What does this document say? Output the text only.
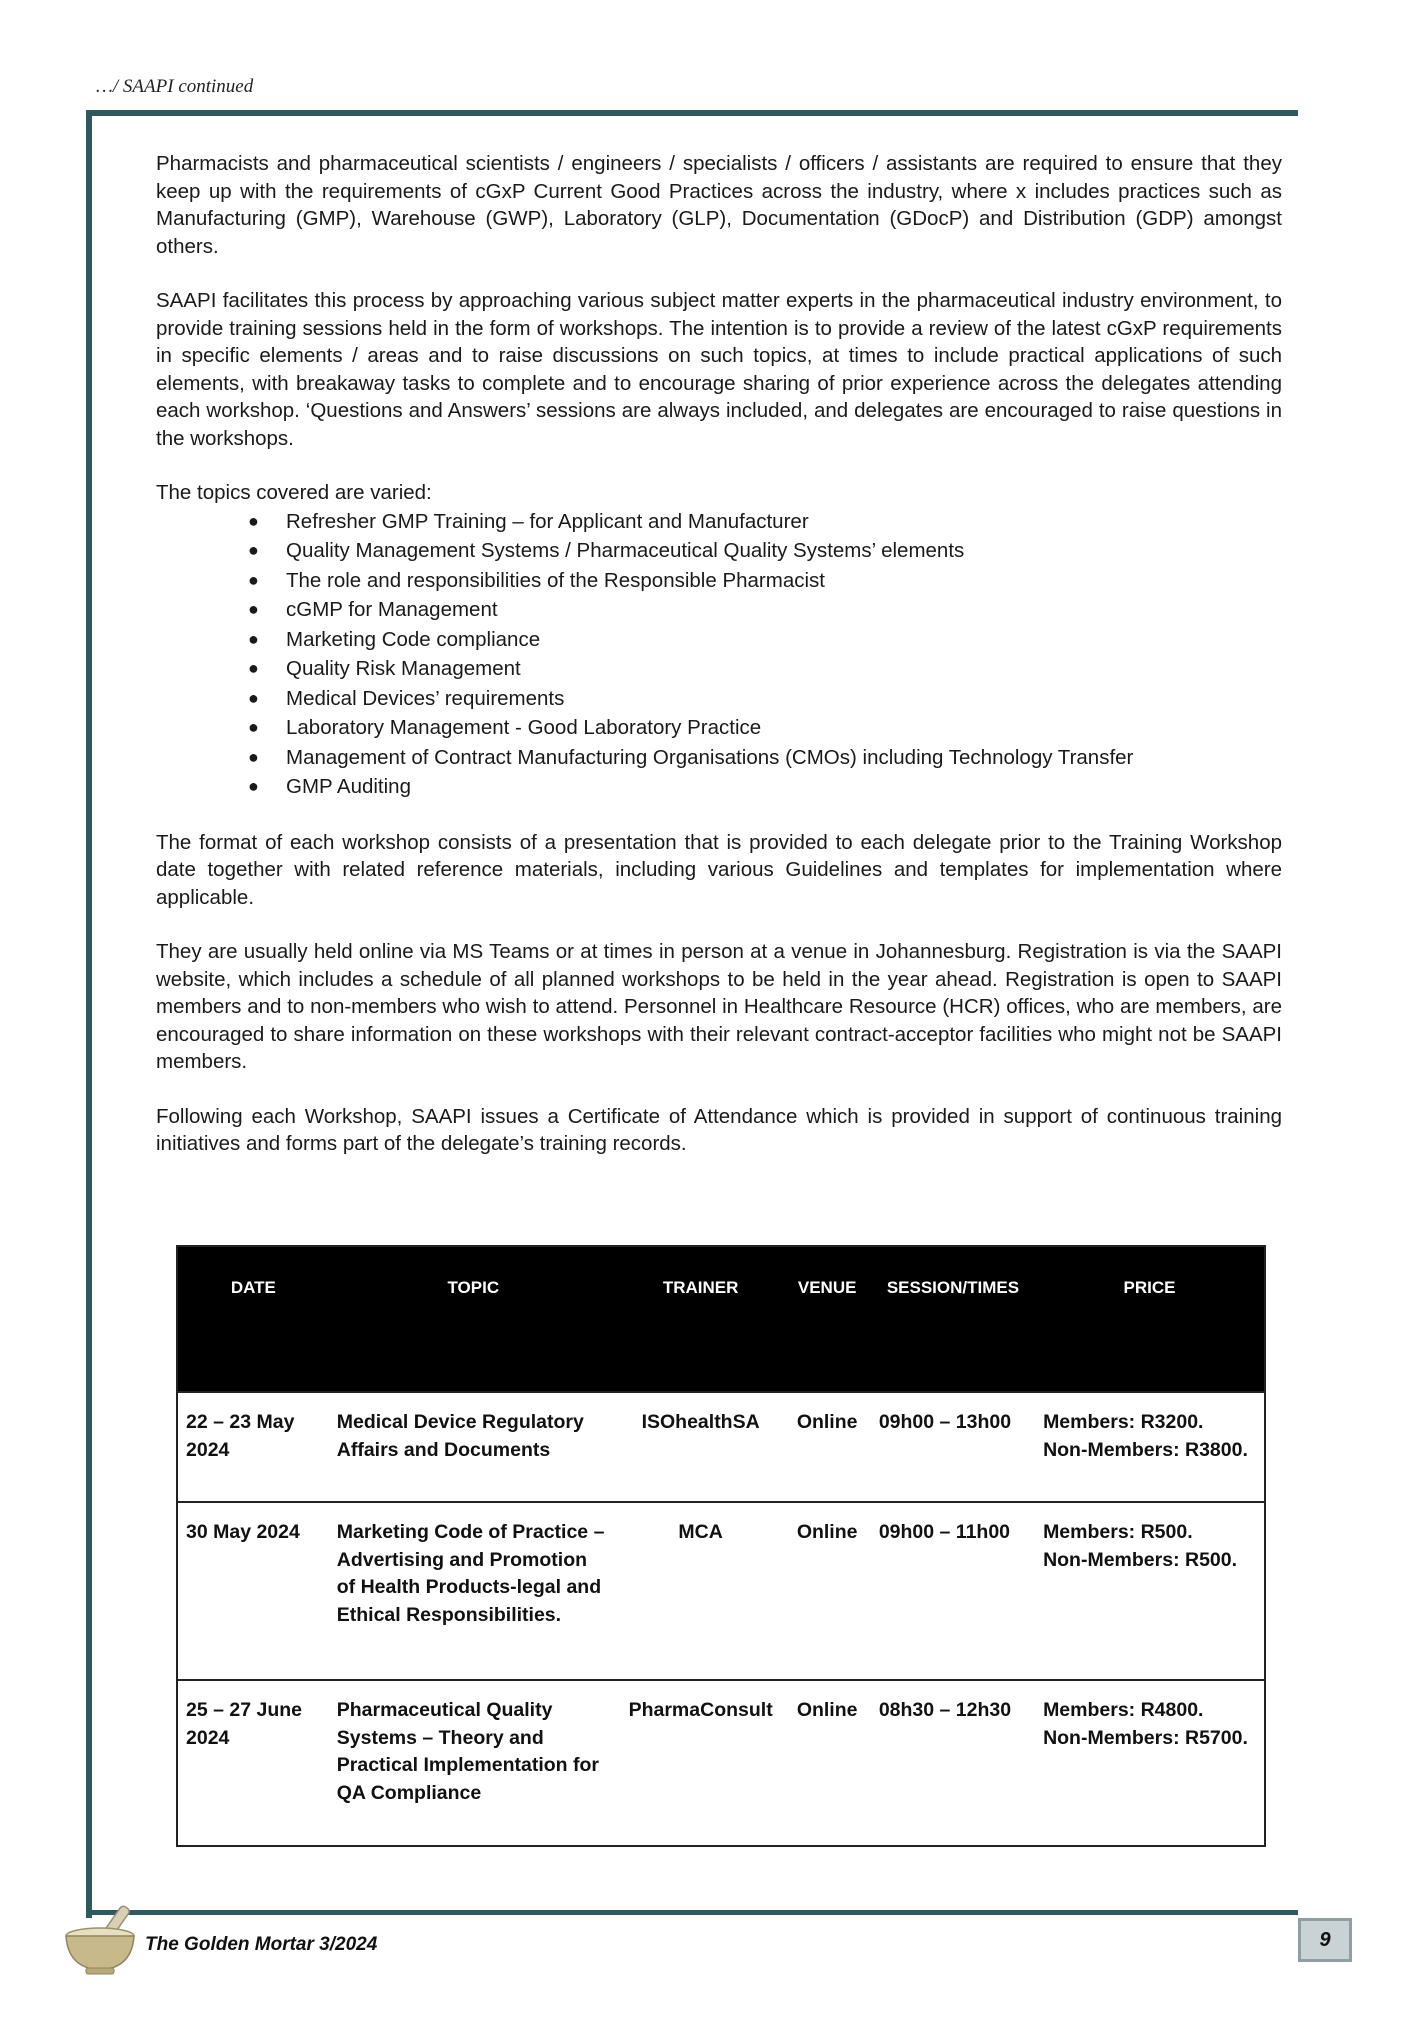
…/ SAAPI continued

Pharmacists and pharmaceutical scientists / engineers / specialists / officers / assistants are required to ensure that they keep up with the requirements of cGxP Current Good Practices across the industry, where x includes practices such as Manufacturing (GMP), Warehouse (GWP), Laboratory (GLP), Documentation (GDocP) and Distribution (GDP) amongst others.

SAAPI facilitates this process by approaching various subject matter experts in the pharmaceutical industry environment, to provide training sessions held in the form of workshops. The intention is to provide a review of the latest cGxP requirements in specific elements / areas and to raise discussions on such topics, at times to include practical applications of such elements, with breakaway tasks to complete and to encourage sharing of prior experience across the delegates attending each workshop. ‘Questions and Answers’ sessions are always included, and delegates are encouraged to raise questions in the workshops.

The topics covered are varied:

● Refresher GMP Training – for Applicant and Manufacturer
● Quality Management Systems / Pharmaceutical Quality Systems’ elements
● The role and responsibilities of the Responsible Pharmacist
● cGMP for Management
● Marketing Code compliance
● Quality Risk Management
● Medical Devices’ requirements
● Laboratory Management - Good Laboratory Practice
● Management of Contract Manufacturing Organisations (CMOs) including Technology Transfer
● GMP Auditing

The format of each workshop consists of a presentation that is provided to each delegate prior to the Training Workshop date together with related reference materials, including various Guidelines and templates for implementation where applicable.

They are usually held online via MS Teams or at times in person at a venue in Johannesburg. Registration is via the SAAPI website, which includes a schedule of all planned workshops to be held in the year ahead. Registration is open to SAAPI members and to non-members who wish to attend. Personnel in Healthcare Resource (HCR) offices, who are members, are encouraged to share information on these workshops with their relevant contract-acceptor facilities who might not be SAAPI members.

Following each Workshop, SAAPI issues a Certificate of Attendance which is provided in support of continuous training initiatives and forms part of the delegate’s training records.

DATE	TOPIC	TRAINER	VENUE	SESSION/TIMES	PRICE
22 – 23 May 2024	Medical Device Regulatory Affairs and Documents	ISOhealthSA	Online	09h00 – 13h00	Members: R3200.
Non-Members: R3800.

30 May 2024	Marketing Code of Practice – Advertising and Promotion of Health Products-legal and Ethical Responsibilities.	MCA	Online	09h00 – 11h00	Members: R500.
Non-Members: R500.

25 – 27 June 2024	Pharmaceutical Quality Systems – Theory and Practical Implementation for QA Compliance	PharmaConsult	Online	08h30 – 12h30	Members: R4800.
Non-Members: R5700.
The Golden Mortar 3/2024	9
